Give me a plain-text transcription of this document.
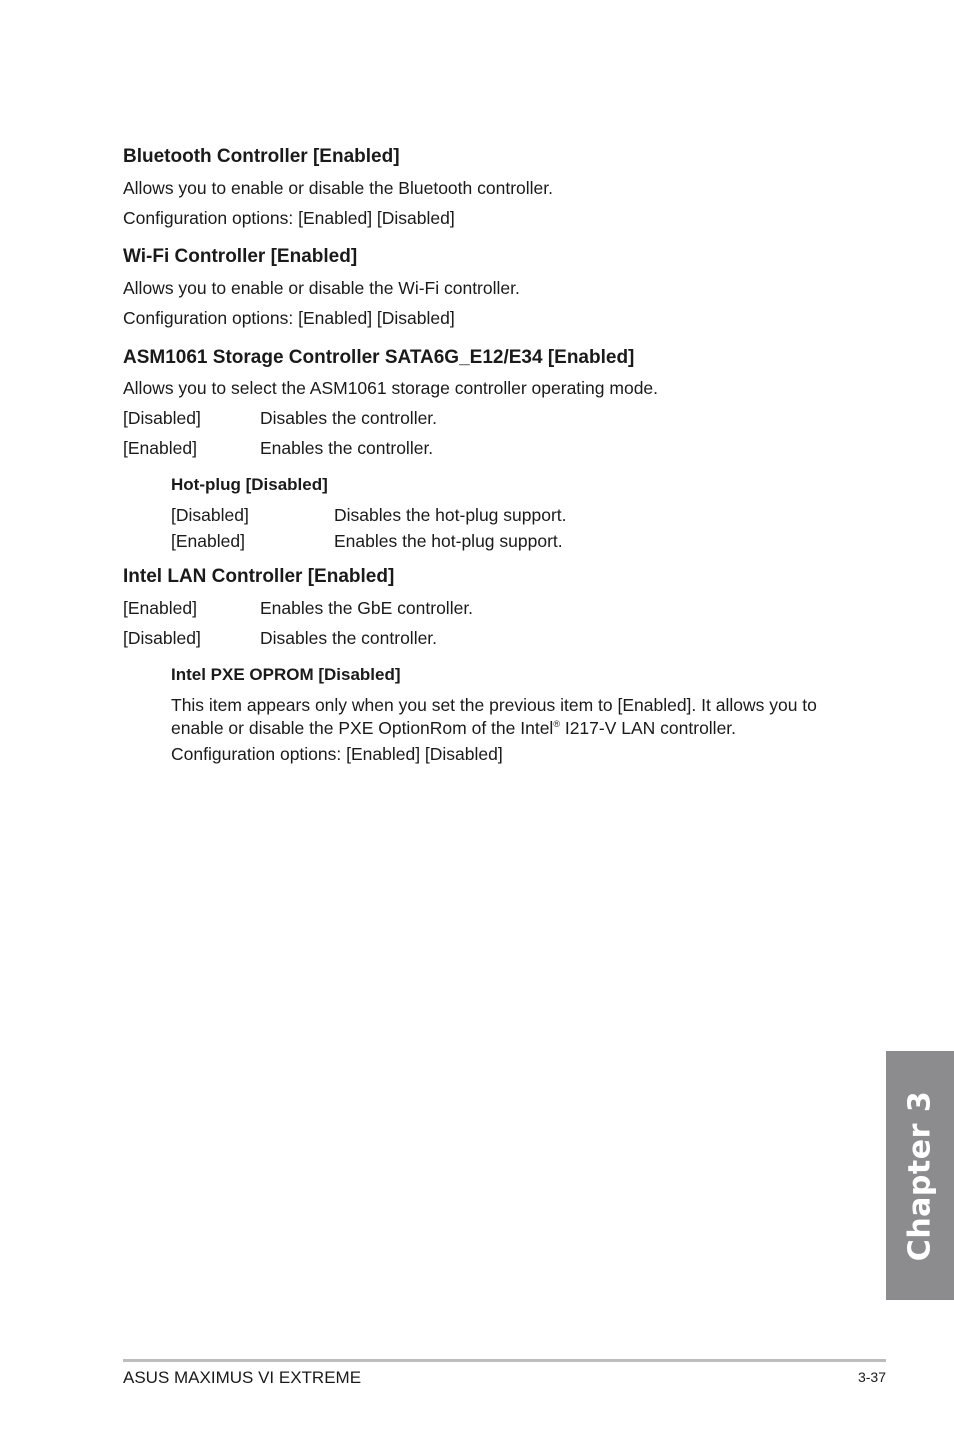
Bluetooth Controller [Enabled]
Allows you to enable or disable the Bluetooth controller.
Configuration options: [Enabled] [Disabled]
Wi-Fi Controller [Enabled]
Allows you to enable or disable the Wi-Fi controller.
Configuration options: [Enabled] [Disabled]
ASM1061 Storage Controller SATA6G_E12/E34 [Enabled]
Allows you to select the ASM1061 storage controller operating mode.
[Disabled]	Disables the controller.
[Enabled]	Enables the controller.
Hot-plug [Disabled]
[Disabled]	Disables the hot-plug support.
[Enabled]	Enables the hot-plug support.
Intel LAN Controller [Enabled]
[Enabled]	Enables the GbE controller.
[Disabled]	Disables the controller.
Intel PXE OPROM [Disabled]
This item appears only when you set the previous item to [Enabled]. It allows you to
enable or disable the PXE OptionRom of the Intel® I217-V LAN controller.
Configuration options: [Enabled] [Disabled]
Chapter 3
ASUS MAXIMUS VI EXTREME	3-37
